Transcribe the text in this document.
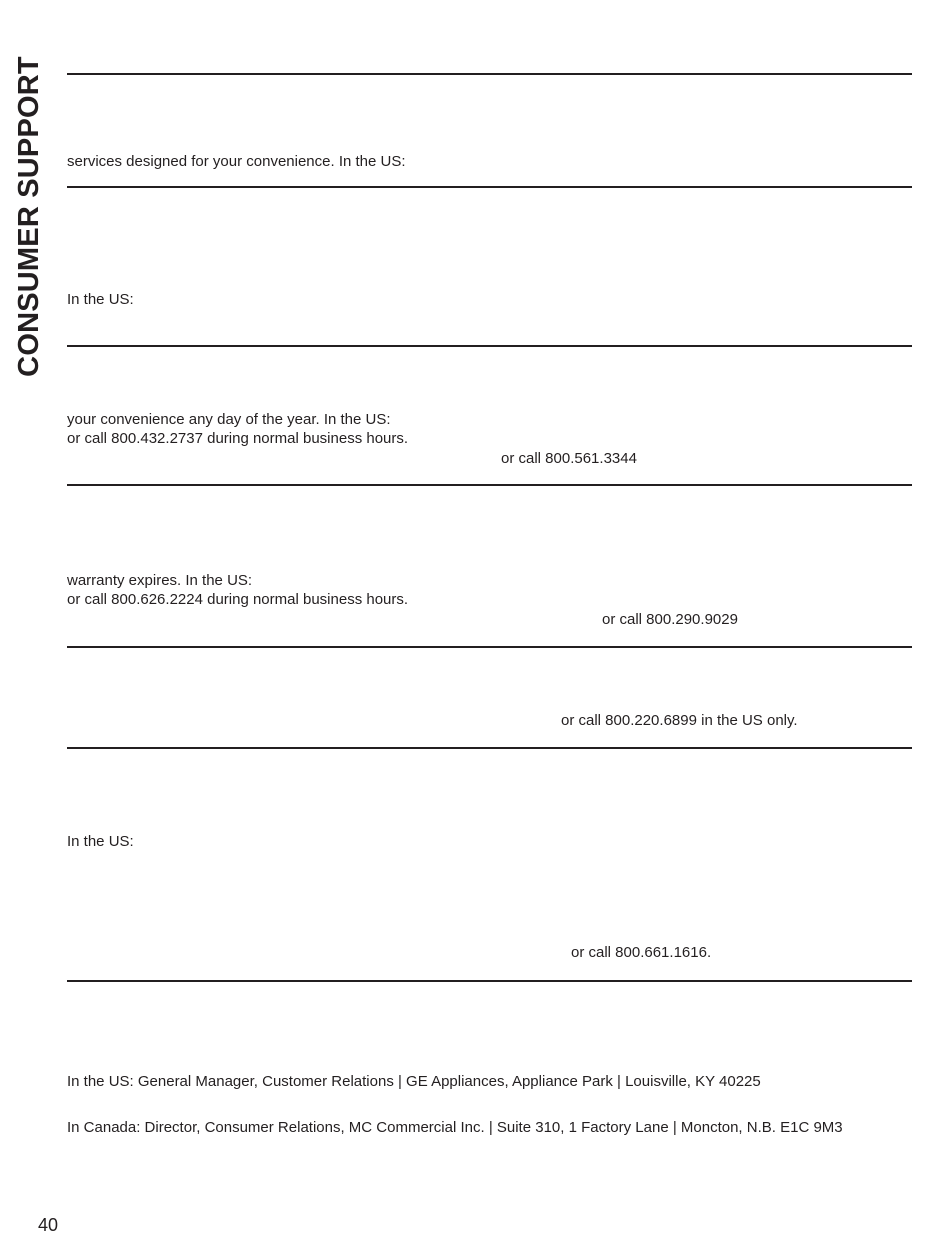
CONSUMER SUPPORT services designed for your convenience. In the US:
In the US:
your convenience any day of the year. In the US:
or call 800.432.2737 during normal business hours.
or call 800.561.3344
warranty expires. In the US:
or call 800.626.2224 during normal business hours.
or call 800.290.9029
or call 800.220.6899 in the US only.
In the US:
or call 800.661.1616.
In the US: General Manager, Customer Relations | GE Appliances, Appliance Park | Louisville, KY 40225
In Canada: Director, Consumer Relations, MC Commercial Inc. | Suite 310, 1 Factory Lane | Moncton, N.B. E1C 9M3
40
